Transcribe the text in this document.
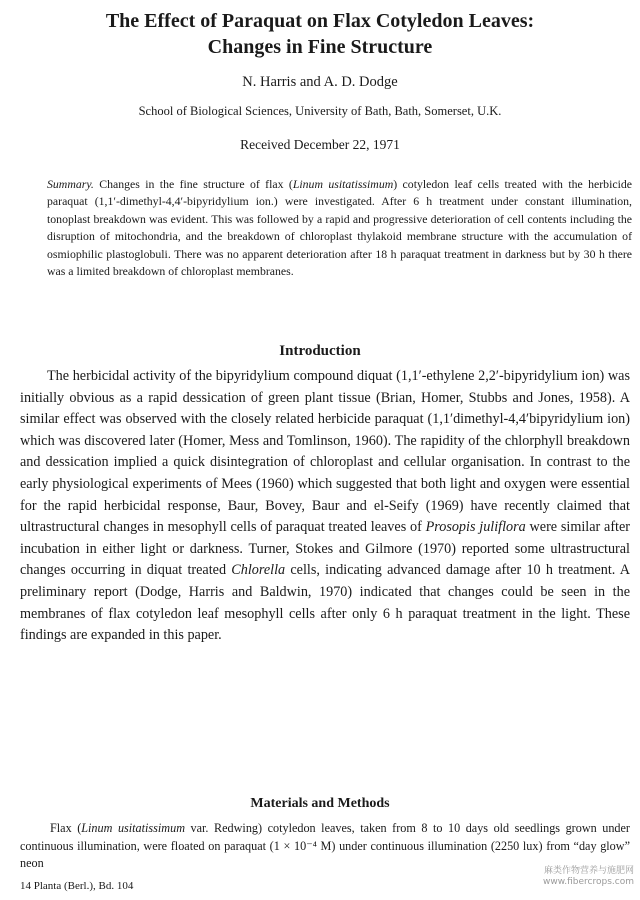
The Effect of Paraquat on Flax Cotyledon Leaves:
Changes in Fine Structure
N. Harris and A. D. Dodge
School of Biological Sciences, University of Bath, Bath, Somerset, U.K.
Received December 22, 1971
Summary. Changes in the fine structure of flax (Linum usitatissimum) cotyledon leaf cells treated with the herbicide paraquat (1,1′-dimethyl-4,4′-bipyridylium ion.) were investigated. After 6 h treatment under constant illumination, tonoplast breakdown was evident. This was followed by a rapid and progressive deterioration of cell contents including the disruption of mitochondria, and the breakdown of chloroplast thylakoid membrane structure with the accumulation of osmiophilic plastoglobuli. There was no apparent deterioration after 18 h paraquat treatment in darkness but by 30 h there was a limited breakdown of chloroplast membranes.
Introduction
The herbicidal activity of the bipyridylium compound diquat (1,1′-ethylene 2,2′-bipyridylium ion) was initially obvious as a rapid dessication of green plant tissue (Brian, Homer, Stubbs and Jones, 1958). A similar effect was observed with the closely related herbicide paraquat (1,1′dimethyl-4,4′bipyridylium ion) which was discovered later (Homer, Mess and Tomlinson, 1960). The rapidity of the chlorphyll breakdown and dessication implied a quick disintegration of chloroplast and cellular organisation. In contrast to the early physiological experiments of Mees (1960) which suggested that both light and oxygen were essential for the rapid herbicidal response, Baur, Bovey, Baur and el-Seify (1969) have recently claimed that ultrastructural changes in mesophyll cells of paraquat treated leaves of Prosopis juliflora were similar after incubation in either light or darkness. Turner, Stokes and Gilmore (1970) reported some ultrastructural changes occurring in diquat treated Chlorella cells, indicating advanced damage after 10 h treatment. A preliminary report (Dodge, Harris and Baldwin, 1970) indicated that changes could be seen in the membranes of flax cotyledon leaf mesophyll cells after only 6 h paraquat treatment in the light. These findings are expanded in this paper.
Materials and Methods
Flax (Linum usitatissimum var. Redwing) cotyledon leaves, taken from 8 to 10 days old seedlings grown under continuous illumination, were floated on paraquat (1 × 10⁻⁴ M) under continuous illumination (2250 lux) from “day glow” neon
14 Planta (Berl.), Bd. 104
麻类作物营养与施肥网
www.fibercrops.com
